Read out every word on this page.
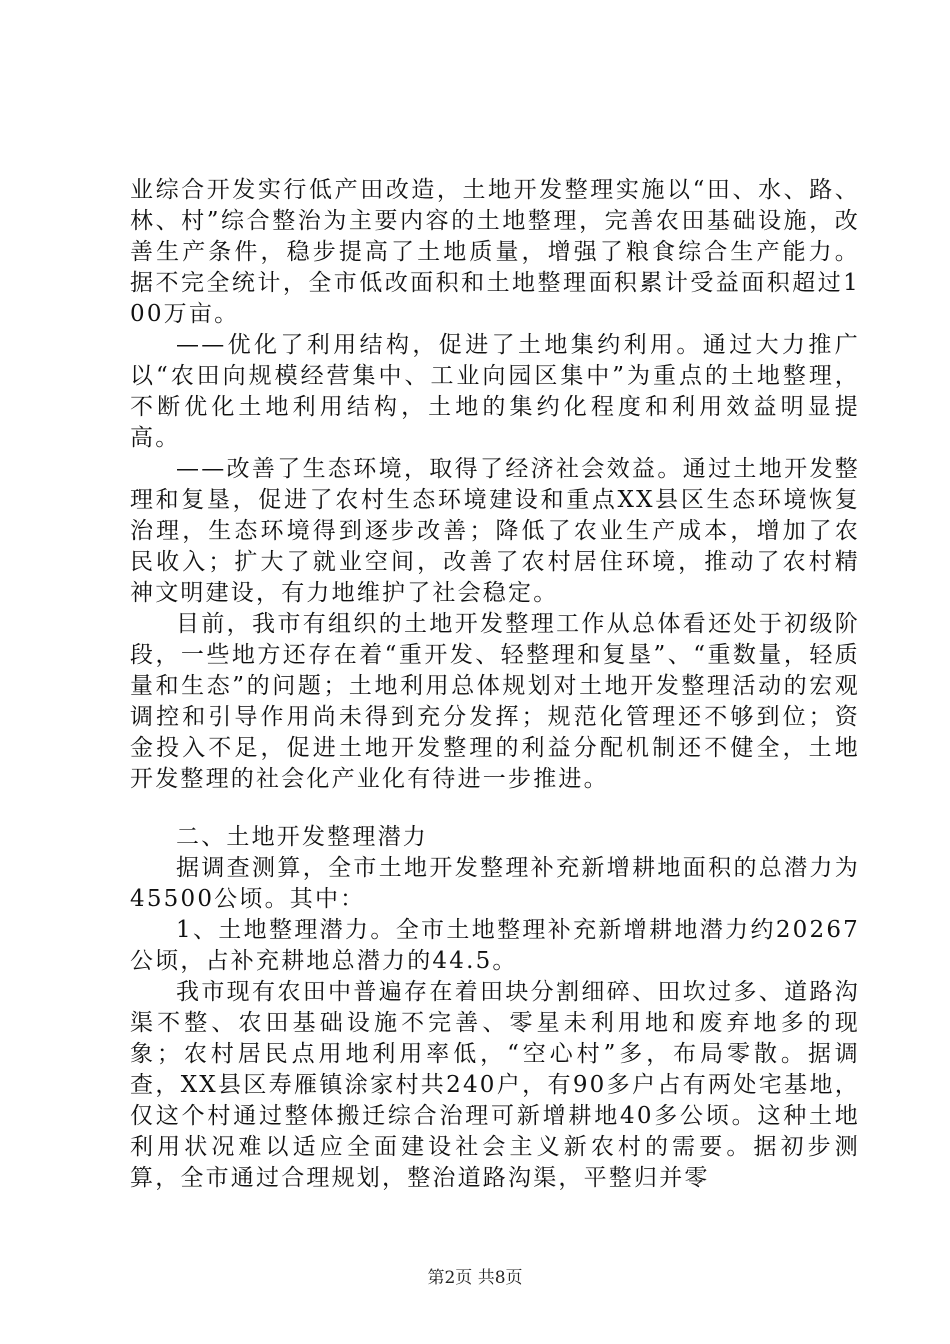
业综合开发实行低产田改造，土地开发整理实施以“田、水、路、林、村”综合整治为主要内容的土地整理，完善农田基础设施，改善生产条件，稳步提高了土地质量，增强了粮食综合生产能力。据不完全统计，全市低改面积和土地整理面积累计受益面积超过100万亩。

——优化了利用结构，促进了土地集约利用。通过大力推广以“农田向规模经营集中、工业向园区集中”为重点的土地整理，不断优化土地利用结构，土地的集约化程度和利用效益明显提高。

——改善了生态环境，取得了经济社会效益。通过土地开发整理和复垦，促进了农村生态环境建设和重点XX县区生态环境恢复治理，生态环境得到逐步改善；降低了农业生产成本，增加了农民收入；扩大了就业空间，改善了农村居住环境，推动了农村精神文明建设，有力地维护了社会稳定。

目前，我市有组织的土地开发整理工作从总体看还处于初级阶段，一些地方还存在着“重开发、轻整理和复垦”、“重数量，轻质量和生态”的问题；土地利用总体规划对土地开发整理活动的宏观调控和引导作用尚未得到充分发挥；规范化管理还不够到位；资金投入不足，促进土地开发整理的利益分配机制还不健全，土地开发整理的社会化产业化有待进一步推进。

二、土地开发整理潜力

据调查测算，全市土地开发整理补充新增耕地面积的总潜力为45500公顷。其中：

1、土地整理潜力。全市土地整理补充新增耕地潜力约20267公顷，占补充耕地总潜力的44.5。

我市现有农田中普遍存在着田块分割细碎、田坎过多、道路沟渠不整、农田基础设施不完善、零星未利用地和废弃地多的现象；农村居民点用地利用率低，“空心村”多，布局零散。据调查，XX县区寿雁镇涂家村共240户，有90多户占有两处宅基地，仅这个村通过整体搬迁综合治理可新增耕地40多公顷。这种土地利用状况难以适应全面建设社会主义新农村的需要。据初步测算，全市通过合理规划，整治道路沟渠，平整归并零

第2页 共8页
